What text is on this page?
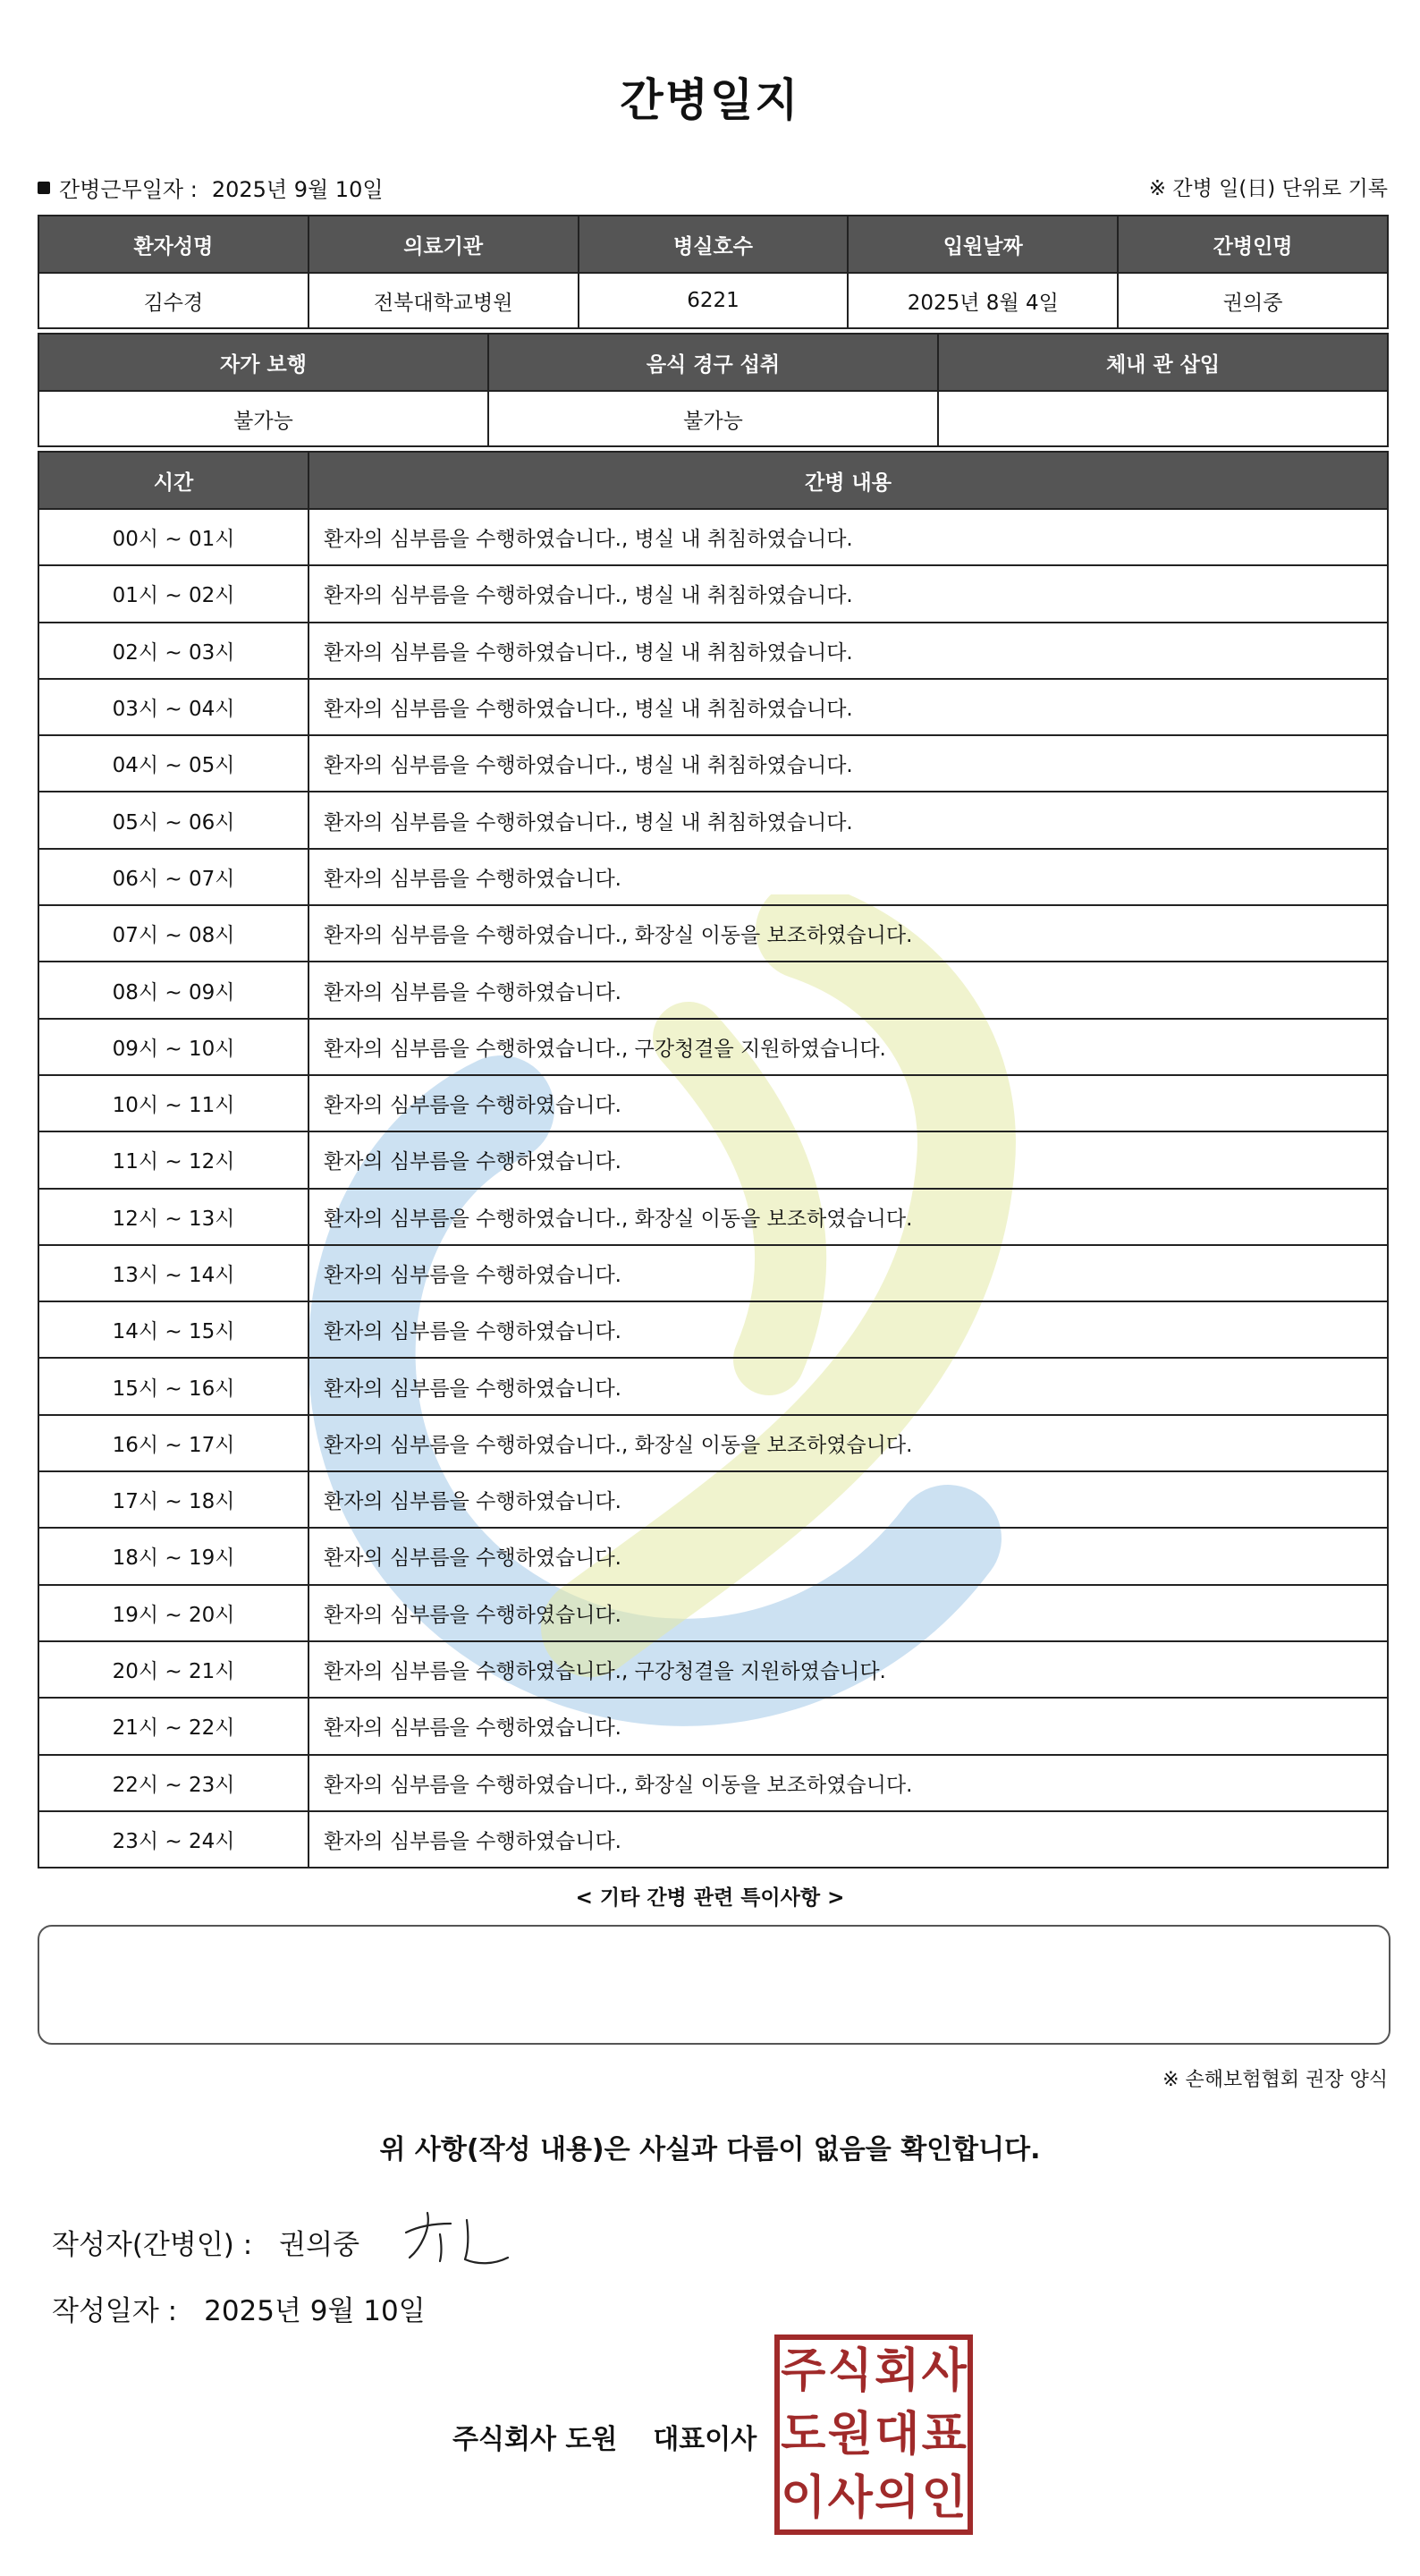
간병일지
간병근무일자 : 2025년 9월 10일	※ 간병 일(日) 단위로 기록
환자성명	의료기관	병실호수	입원날짜	간병인명
김수경	전북대학교병원	6221	2025년 8월 4일	권의중
자가 보행	음식 경구 섭취	체내 관 삽입
불가능	불가능	
시간	간병 내용
00시 ~ 01시	환자의 심부름을 수행하였습니다., 병실 내 취침하였습니다.
01시 ~ 02시	환자의 심부름을 수행하였습니다., 병실 내 취침하였습니다.
02시 ~ 03시	환자의 심부름을 수행하였습니다., 병실 내 취침하였습니다.
03시 ~ 04시	환자의 심부름을 수행하였습니다., 병실 내 취침하였습니다.
04시 ~ 05시	환자의 심부름을 수행하였습니다., 병실 내 취침하였습니다.
05시 ~ 06시	환자의 심부름을 수행하였습니다., 병실 내 취침하였습니다.
06시 ~ 07시	환자의 심부름을 수행하였습니다.
07시 ~ 08시	환자의 심부름을 수행하였습니다., 화장실 이동을 보조하였습니다.
08시 ~ 09시	환자의 심부름을 수행하였습니다.
09시 ~ 10시	환자의 심부름을 수행하였습니다., 구강청결을 지원하였습니다.
10시 ~ 11시	환자의 심부름을 수행하였습니다.
11시 ~ 12시	환자의 심부름을 수행하였습니다.
12시 ~ 13시	환자의 심부름을 수행하였습니다., 화장실 이동을 보조하였습니다.
13시 ~ 14시	환자의 심부름을 수행하였습니다.
14시 ~ 15시	환자의 심부름을 수행하였습니다.
15시 ~ 16시	환자의 심부름을 수행하였습니다.
16시 ~ 17시	환자의 심부름을 수행하였습니다., 화장실 이동을 보조하였습니다.
17시 ~ 18시	환자의 심부름을 수행하였습니다.
18시 ~ 19시	환자의 심부름을 수행하였습니다.
19시 ~ 20시	환자의 심부름을 수행하였습니다.
20시 ~ 21시	환자의 심부름을 수행하였습니다., 구강청결을 지원하였습니다.
21시 ~ 22시	환자의 심부름을 수행하였습니다.
22시 ~ 23시	환자의 심부름을 수행하였습니다., 화장실 이동을 보조하였습니다.
23시 ~ 24시	환자의 심부름을 수행하였습니다.
< 기타 간병 관련 특이사항 >
※ 손해보험협회 권장 양식
위 사항(작성 내용)은 사실과 다름이 없음을 확인합니다.
작성자(간병인) : 권의중
작성일자 : 2025년 9월 10일
주식회사 도원 대표이사
주 식 회 사
도 원 대 표
이 사 의 인
